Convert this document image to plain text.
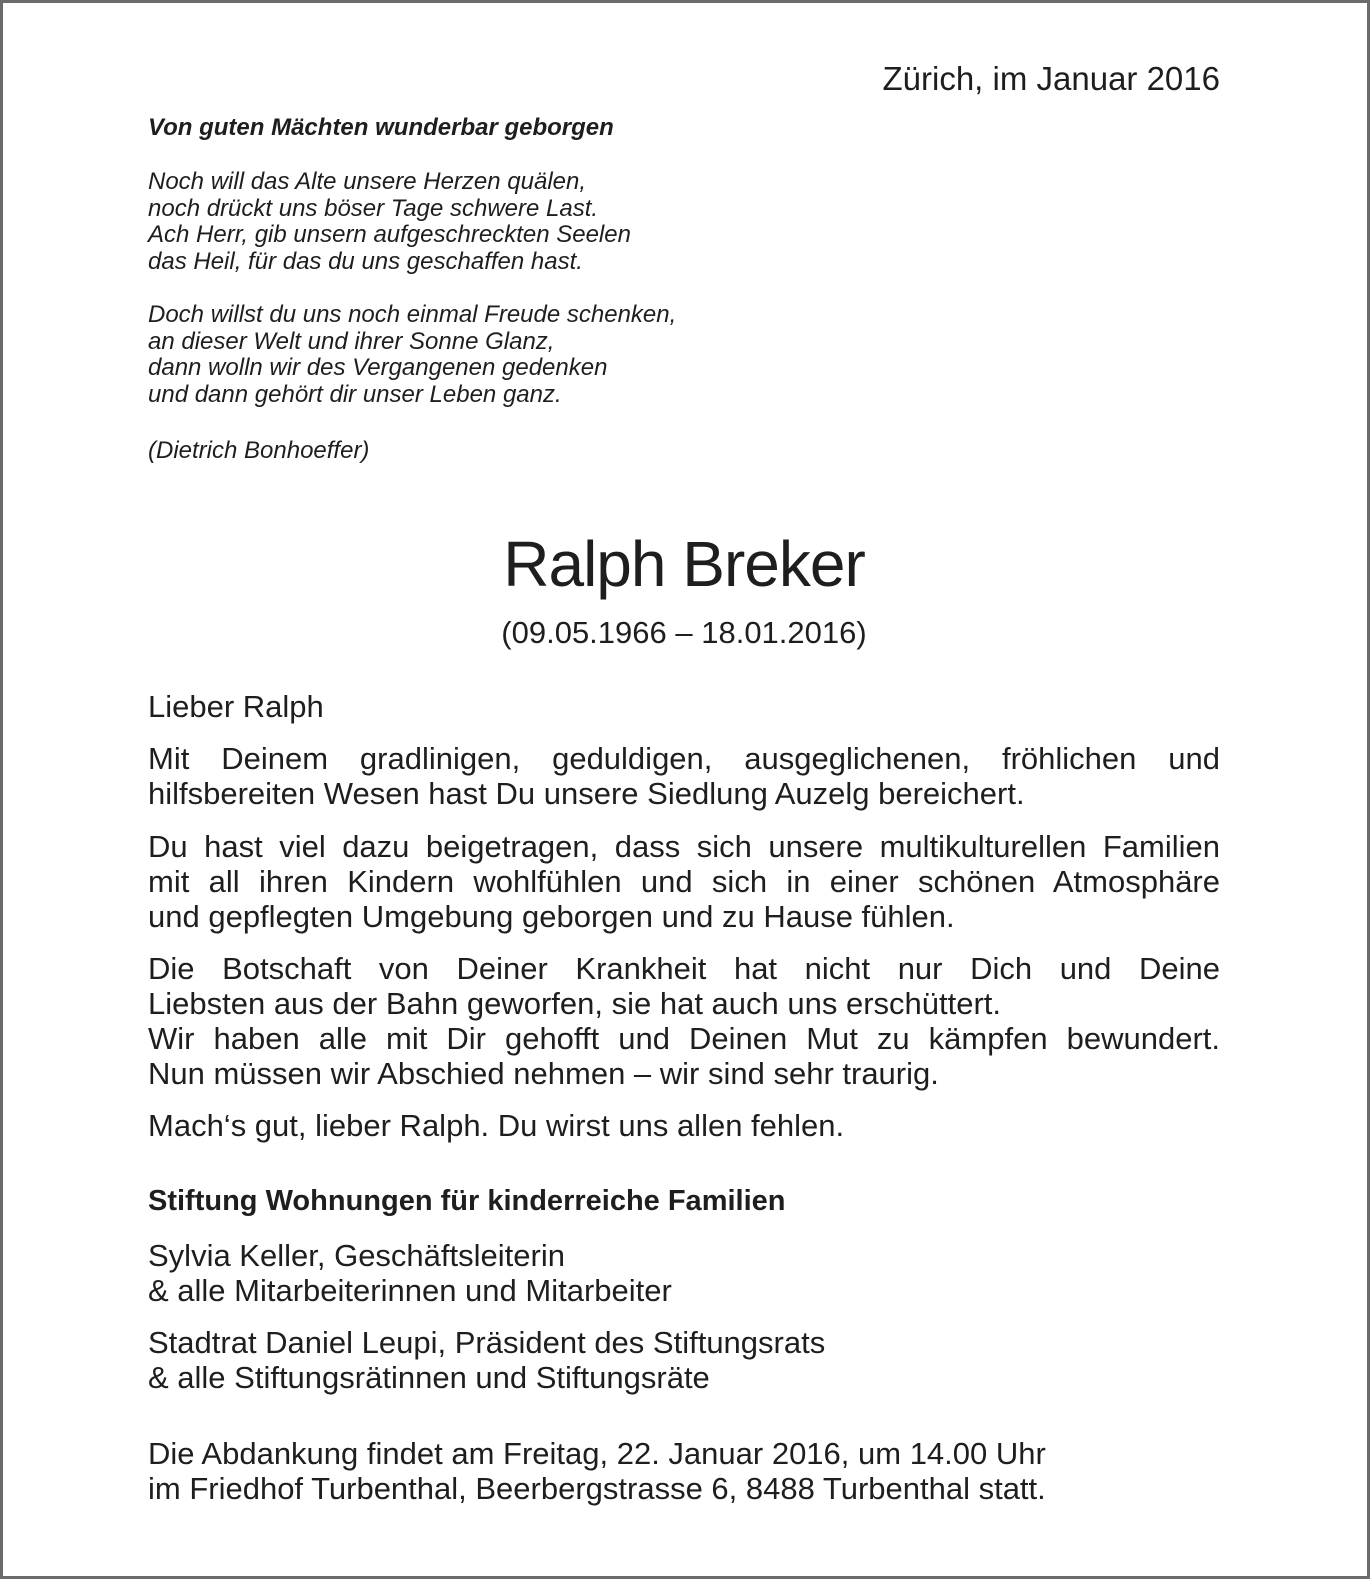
Zürich, im Januar 2016
Von guten Mächten wunderbar geborgen
Noch will das Alte unsere Herzen quälen,
noch drückt uns böser Tage schwere Last.
Ach Herr, gib unsern aufgeschreckten Seelen
das Heil, für das du uns geschaffen hast.
Doch willst du uns noch einmal Freude schenken,
an dieser Welt und ihrer Sonne Glanz,
dann wolln wir des Vergangenen gedenken
und dann gehört dir unser Leben ganz.
(Dietrich Bonhoeffer)
Ralph Breker
(09.05.1966 – 18.01.2016)
Lieber Ralph
Mit Deinem gradlinigen, geduldigen, ausgeglichenen, fröhlichen und
hilfsbereiten Wesen hast Du unsere Siedlung Auzelg bereichert.
Du hast viel dazu beigetragen, dass sich unsere multikulturellen Familien
mit all ihren Kindern wohlfühlen und sich in einer schönen Atmosphäre
und gepflegten Umgebung geborgen und zu Hause fühlen.
Die Botschaft von Deiner Krankheit hat nicht nur Dich und Deine
Liebsten aus der Bahn geworfen, sie hat auch uns erschüttert.
Wir haben alle mit Dir gehofft und Deinen Mut zu kämpfen bewundert.
Nun müssen wir Abschied nehmen – wir sind sehr traurig.
Mach‘s gut, lieber Ralph. Du wirst uns allen fehlen.
Stiftung Wohnungen für kinderreiche Familien
Sylvia Keller, Geschäftsleiterin
& alle Mitarbeiterinnen und Mitarbeiter
Stadtrat Daniel Leupi, Präsident des Stiftungsrats
& alle Stiftungsrätinnen und Stiftungsräte
Die Abdankung findet am Freitag, 22. Januar 2016, um 14.00 Uhr
im Friedhof Turbenthal, Beerbergstrasse 6, 8488 Turbenthal statt.
